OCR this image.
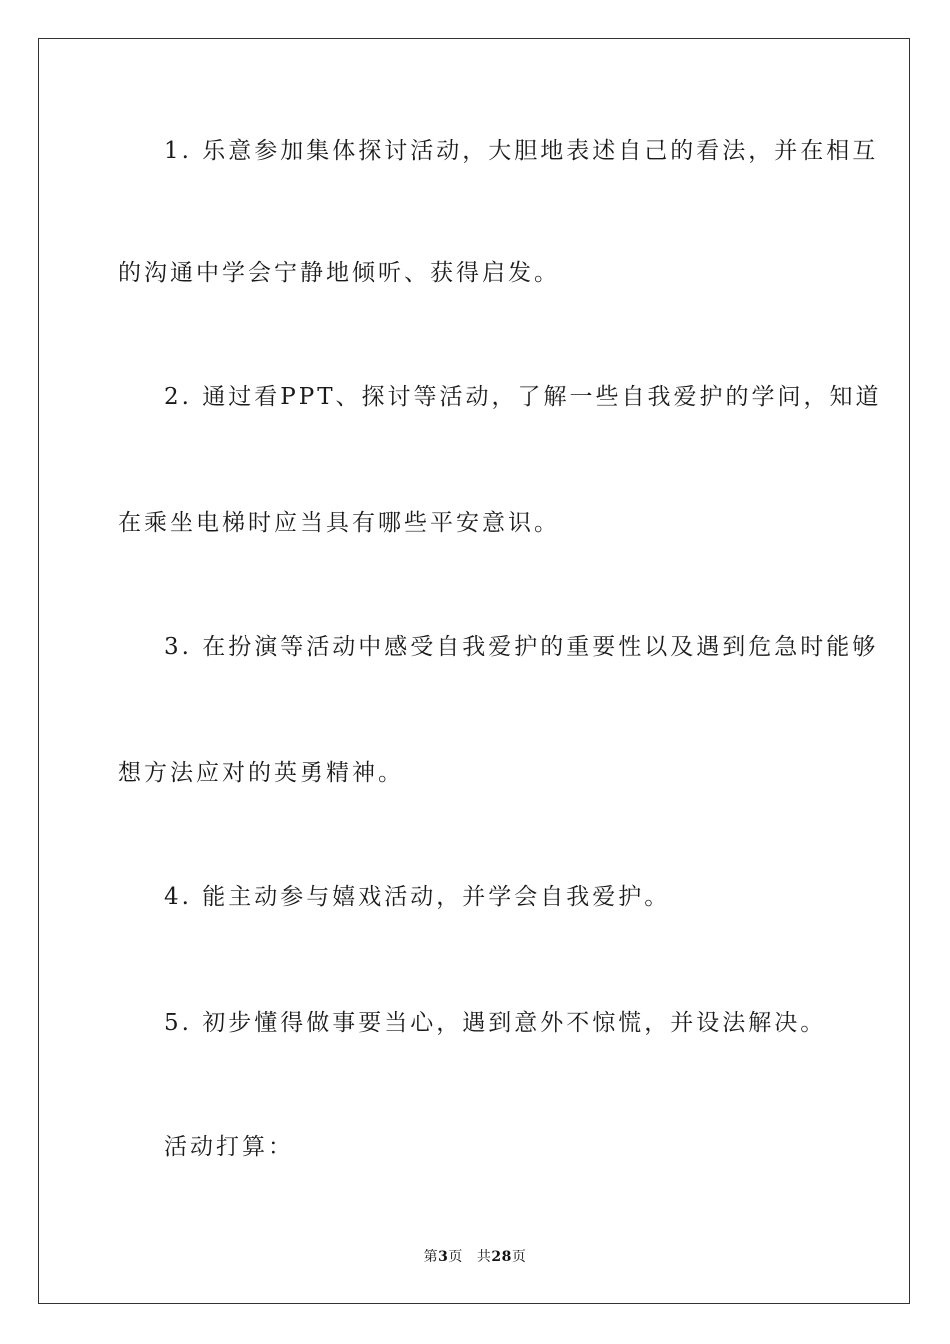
1. 乐意参加集体探讨活动，大胆地表述自己的看法，并在相互
的沟通中学会宁静地倾听、获得启发。
2. 通过看PPT、探讨等活动，了解一些自我爱护的学问，知道
在乘坐电梯时应当具有哪些平安意识。
3. 在扮演等活动中感受自我爱护的重要性以及遇到危急时能够
想方法应对的英勇精神。
4. 能主动参与嬉戏活动，并学会自我爱护。
5. 初步懂得做事要当心，遇到意外不惊慌，并设法解决。
活动打算：
第3页 共28页
